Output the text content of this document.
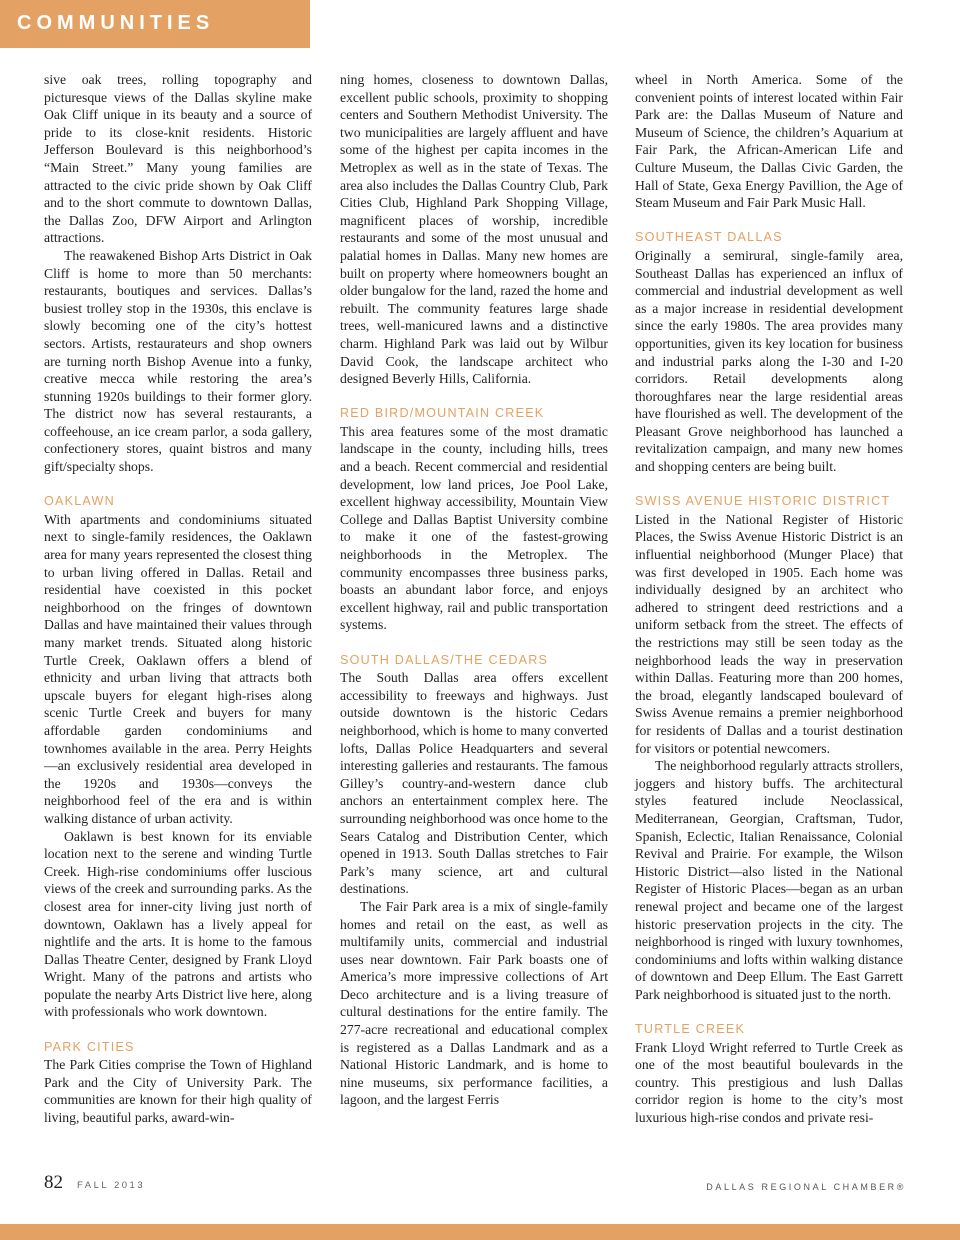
COMMUNITIES

sive oak trees, rolling topography and picturesque views of the Dallas skyline make Oak Cliff unique in its beauty and a source of pride to its close-knit residents. Historic Jefferson Boulevard is this neighborhood’s “Main Street.” Many young families are attracted to the civic pride shown by Oak Cliff and to the short commute to downtown Dallas, the Dallas Zoo, DFW Airport and Arlington attractions.

The reawakened Bishop Arts District in Oak Cliff is home to more than 50 merchants: restaurants, boutiques and services. Dallas’s busiest trolley stop in the 1930s, this enclave is slowly becoming one of the city’s hottest sectors. Artists, restaurateurs and shop owners are turning north Bishop Avenue into a funky, creative mecca while restoring the area’s stunning 1920s buildings to their former glory. The district now has several restaurants, a coffeehouse, an ice cream parlor, a soda gallery, confectionery stores, quaint bistros and many gift/specialty shops.

OAKLAWN

With apartments and condominiums situated next to single-family residences, the Oaklawn area for many years represented the closest thing to urban living offered in Dallas. Retail and residential have coexisted in this pocket neighborhood on the fringes of downtown Dallas and have maintained their values through many market trends. Situated along historic Turtle Creek, Oaklawn offers a blend of ethnicity and urban living that attracts both upscale buyers for elegant high-rises along scenic Turtle Creek and buyers for many affordable garden condominiums and townhomes available in the area. Perry Heights—an exclusively residential area developed in the 1920s and 1930s—conveys the neighborhood feel of the era and is within walking distance of urban activity.

Oaklawn is best known for its enviable location next to the serene and winding Turtle Creek. High-rise condominiums offer luscious views of the creek and surrounding parks. As the closest area for inner-city living just north of downtown, Oaklawn has a lively appeal for nightlife and the arts. It is home to the famous Dallas Theatre Center, designed by Frank Lloyd Wright. Many of the patrons and artists who populate the nearby Arts District live here, along with professionals who work downtown.

PARK CITIES

The Park Cities comprise the Town of Highland Park and the City of University Park. The communities are known for their high quality of living, beautiful parks, award-win-

ning homes, closeness to downtown Dallas, excellent public schools, proximity to shopping centers and Southern Methodist University. The two municipalities are largely affluent and have some of the highest per capita incomes in the Metroplex as well as in the state of Texas. The area also includes the Dallas Country Club, Park Cities Club, Highland Park Shopping Village, magnificent places of worship, incredible restaurants and some of the most unusual and palatial homes in Dallas. Many new homes are built on property where homeowners bought an older bungalow for the land, razed the home and rebuilt. The community features large shade trees, well-manicured lawns and a distinctive charm. Highland Park was laid out by Wilbur David Cook, the landscape architect who designed Beverly Hills, California.

RED BIRD/MOUNTAIN CREEK

This area features some of the most dramatic landscape in the county, including hills, trees and a beach. Recent commercial and residential development, low land prices, Joe Pool Lake, excellent highway accessibility, Mountain View College and Dallas Baptist University combine to make it one of the fastest-growing neighborhoods in the Metroplex. The community encompasses three business parks, boasts an abundant labor force, and enjoys excellent highway, rail and public transportation systems.

SOUTH DALLAS/THE CEDARS

The South Dallas area offers excellent accessibility to freeways and highways. Just outside downtown is the historic Cedars neighborhood, which is home to many converted lofts, Dallas Police Headquarters and several interesting galleries and restaurants. The famous Gilley’s country-and-western dance club anchors an entertainment complex here. The surrounding neighborhood was once home to the Sears Catalog and Distribution Center, which opened in 1913. South Dallas stretches to Fair Park’s many science, art and cultural destinations.

The Fair Park area is a mix of single-family homes and retail on the east, as well as multifamily units, commercial and industrial uses near downtown. Fair Park boasts one of America’s more impressive collections of Art Deco architecture and is a living treasure of cultural destinations for the entire family. The 277-acre recreational and educational complex is registered as a Dallas Landmark and as a National Historic Landmark, and is home to nine museums, six performance facilities, a lagoon, and the largest Ferris

wheel in North America. Some of the convenient points of interest located within Fair Park are: the Dallas Museum of Nature and Museum of Science, the children’s Aquarium at Fair Park, the African-American Life and Culture Museum, the Dallas Civic Garden, the Hall of State, Gexa Energy Pavillion, the Age of Steam Museum and Fair Park Music Hall.

SOUTHEAST DALLAS

Originally a semirural, single-family area, Southeast Dallas has experienced an influx of commercial and industrial development as well as a major increase in residential development since the early 1980s. The area provides many opportunities, given its key location for business and industrial parks along the I-30 and I-20 corridors. Retail developments along thoroughfares near the large residential areas have flourished as well. The development of the Pleasant Grove neighborhood has launched a revitalization campaign, and many new homes and shopping centers are being built.

SWISS AVENUE HISTORIC DISTRICT

Listed in the National Register of Historic Places, the Swiss Avenue Historic District is an influential neighborhood (Munger Place) that was first developed in 1905. Each home was individually designed by an architect who adhered to stringent deed restrictions and a uniform setback from the street. The effects of the restrictions may still be seen today as the neighborhood leads the way in preservation within Dallas. Featuring more than 200 homes, the broad, elegantly landscaped boulevard of Swiss Avenue remains a premier neighborhood for residents of Dallas and a tourist destination for visitors or potential newcomers.

The neighborhood regularly attracts strollers, joggers and history buffs. The architectural styles featured include Neoclassical, Mediterranean, Georgian, Craftsman, Tudor, Spanish, Eclectic, Italian Renaissance, Colonial Revival and Prairie. For example, the Wilson Historic District—also listed in the National Register of Historic Places—began as an urban renewal project and became one of the largest historic preservation projects in the city. The neighborhood is ringed with luxury townhomes, condominiums and lofts within walking distance of downtown and Deep Ellum. The East Garrett Park neighborhood is situated just to the north.

TURTLE CREEK

Frank Lloyd Wright referred to Turtle Creek as one of the most beautiful boulevards in the country. This prestigious and lush Dallas corridor region is home to the city’s most luxurious high-rise condos and private resi-

82 FALL 2013	DALLAS REGIONAL CHAMBER®
